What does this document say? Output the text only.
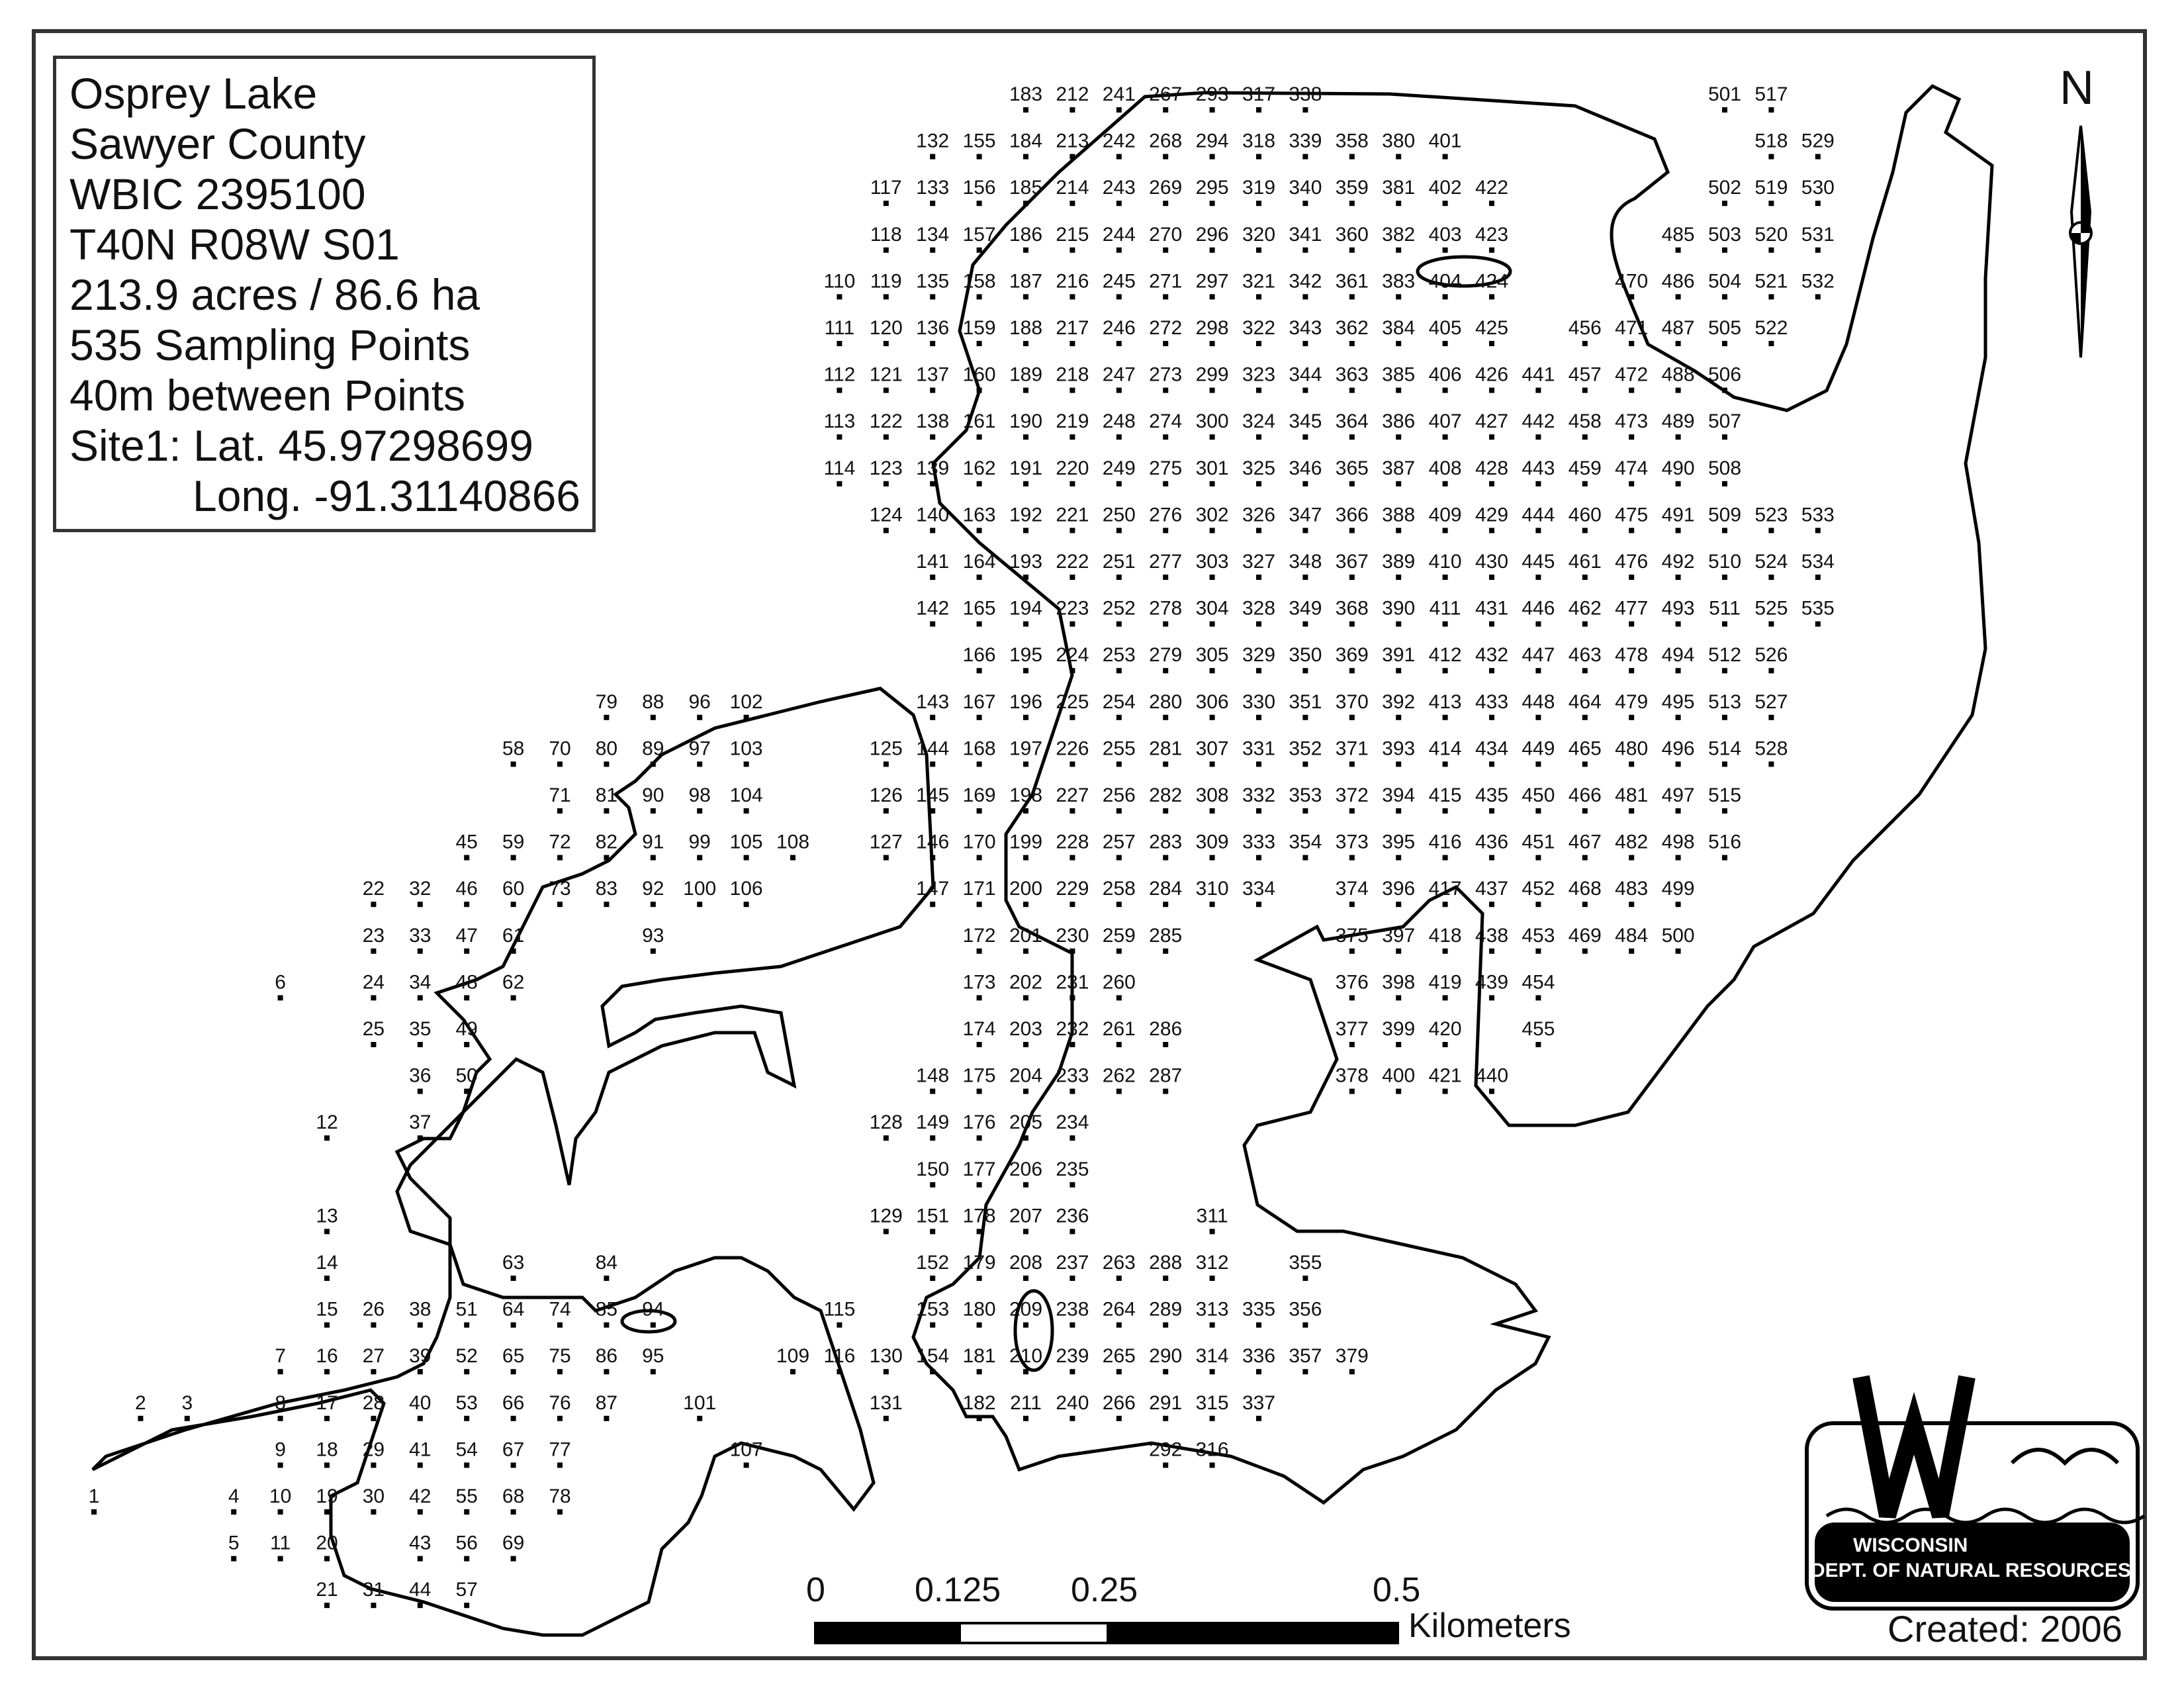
1
2 3
4
5
6
7
8
9
10
11
12
13
14
15
16
17
18
19
20
21
22
23
24
25
26
27
28
29
30
31
32
33
34
35
36
37
38
39
40
41
42
43
44
45
46
47
48
49
50
51
52
53
54
55
56
57
58
59
60
61
62
63
64
65
66
67
68
69
70
71
72
73
74
75
76
77
78
79
80
81
82
83
84
85
86
87
88
89
90
91
92
93
94
95
96
97
98
99
100
101
102
103
104
105
106
107
108
109
110
111
112
113
114
115
116
117
118
119
120
121
122
123
124
125
126
127
128
129
130
131
132
133
134
135
136
137
138
139
140
141
142
143
144
145
146
147
148
149
150
151
152
153
154
155
156
157
158
159
160
161
162
163
164
165
166
167
168
169
170
171
172
173
174
175
176
177
178
179
180
181
182
183
184
185
186
187
188
189
190
191
192
193
194
195
196
197
198
199
200
201
202
203
204
205
206
207
208
209
210
211
212
213
214
215
216
217
218
219
220
221
222
223
224
225
226
227
228
229
230
231
232
233
234
235
236
237
238
239
240
241
242
243
244
245
246
247
248
249
250
251
252
253
254
255
256
257
258
259
260
261
262
263
264
265
266
267
268
269
270
271
272
273
274
275
276
277
278
279
280
281
282
283
284
285
286
287
288
289
290
291
292
293
294
295
296
297
298
299
300
301
302
303
304
305
306
307
308
309
310
311
312
313
314
315
316
317
318
319
320
321
322
323
324
325
326
327
328
329
330
331
332
333
334
335
336
337
338
339
340
341
342
343
344
345
346
347
348
349
350
351
352
353
354
355
356
357
358
359
360
361
362
363
364
365
366
367
368
369
370
371
372
373
374
375
376
377
378
379
380
381
382
383
384
385
386
387
388
389
390
391
392
393
394
395
396
397
398
399
400
401
402
403
404
405
406
407
408
409
410
411
412
413
414
415
416
417
418
419
420
421
422
423
424
425
426
427
428
429
430
431
432
433
434
435
436
437
438
439
440
441
442
443
444
445
446
447
448
449
450
451
452
453
454
455
456
457
458
459
460
461
462
463
464
465
466
467
468
469
470
471
472
473
474
475
476
477
478
479
480
481
482
483
484
485
486
487
488
489
490
491
492
493
494
495
496
497
498
499
500
501
502
503
504
505
506
507
508
509
510
511
512
513
514
515
516
517
518
519
520
521
522
523
524
525
526
527
528
529
530
531
532
533
534
535
Osprey Lake
Sawyer County
WBIC 2395100
T40N R08W S01
213.9 acres / 86.6 ha
535 Sampling Points
40m between Points
Site1: Lat. 45.97298699
Long. -91.31140866
N
0	0.125 0.25	0.5
Kilometers
WISCONSIN
DEPT. OF NATURAL RESOURCES
Created: 2006
